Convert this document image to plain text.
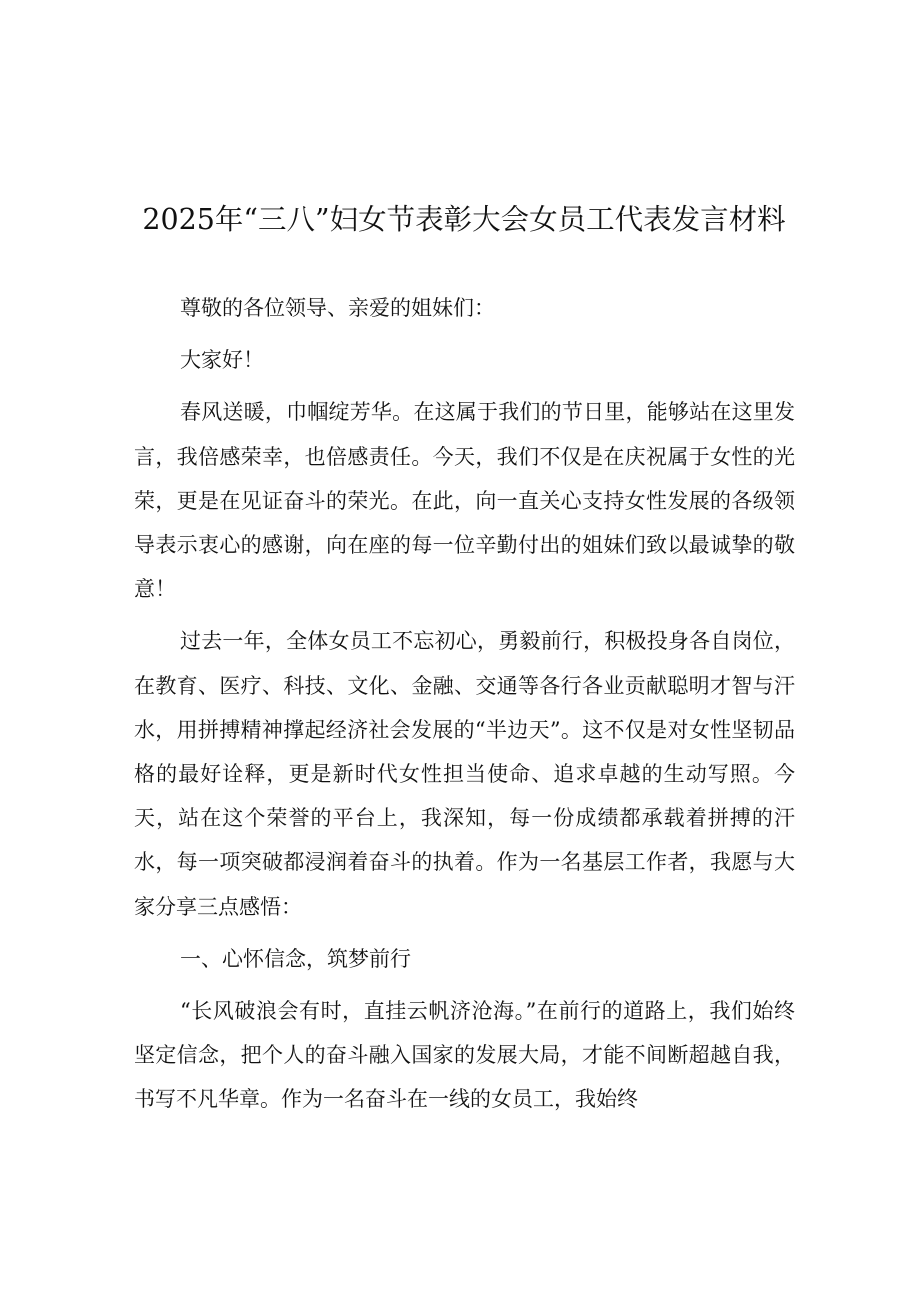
2025年“三八”妇女节表彰大会女员工代表发言材料

尊敬的各位领导、亲爱的姐妹们：

大家好！

春风送暖，巾帼绽芳华。在这属于我们的节日里，能够站在这里发言，我倍感荣幸，也倍感责任。今天，我们不仅是在庆祝属于女性的光荣，更是在见证奋斗的荣光。在此，向一直关心支持女性发展的各级领导表示衷心的感谢，向在座的每一位辛勤付出的姐妹们致以最诚挚的敬意！

过去一年，全体女员工不忘初心，勇毅前行，积极投身各自岗位，在教育、医疗、科技、文化、金融、交通等各行各业贡献聪明才智与汗水，用拼搏精神撑起经济社会发展的“半边天”。这不仅是对女性坚韧品格的最好诠释，更是新时代女性担当使命、追求卓越的生动写照。今天，站在这个荣誉的平台上，我深知，每一份成绩都承载着拼搏的汗水，每一项突破都浸润着奋斗的执着。作为一名基层工作者，我愿与大家分享三点感悟：

一、心怀信念，筑梦前行

“长风破浪会有时，直挂云帆济沧海。”在前行的道路上，我们始终坚定信念，把个人的奋斗融入国家的发展大局，才能不间断超越自我，书写不凡华章。作为一名奋斗在一线的女员工，我始终
